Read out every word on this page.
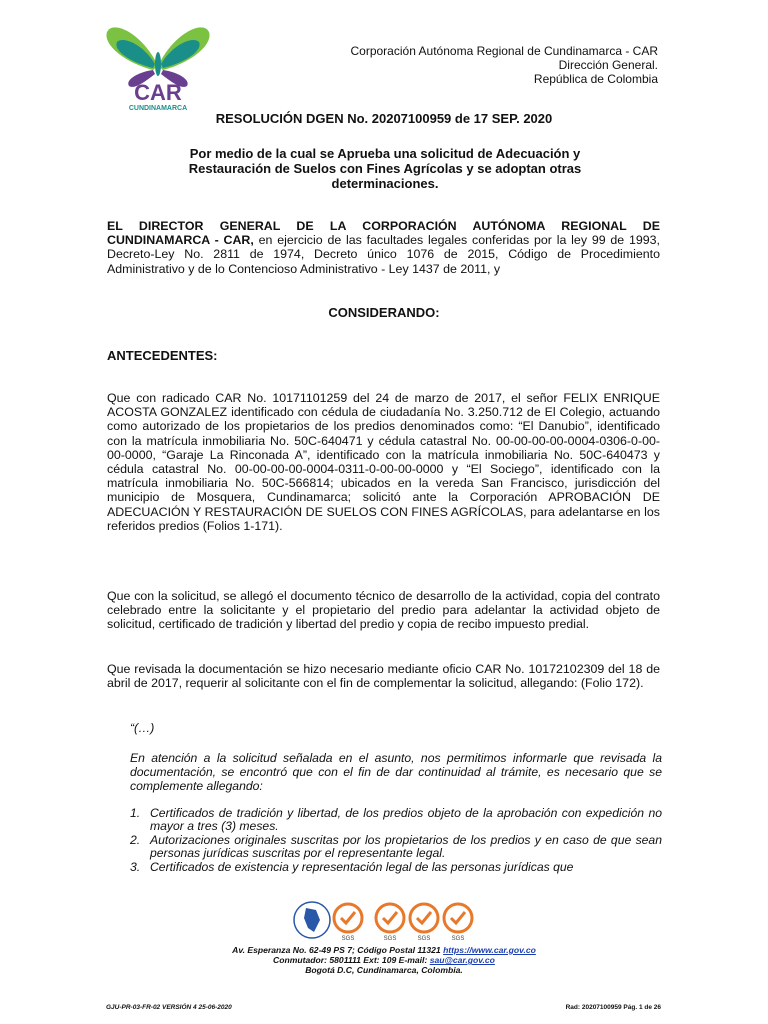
CAR
CUNDINAMARCA
Corporación Autónoma Regional de Cundinamarca - CAR
Dirección General.
República de Colombia
RESOLUCIÓN DGEN No. 20207100959 de 17 SEP. 2020
Por medio de la cual se Aprueba una solicitud de Adecuación y Restauración de Suelos con Fines Agrícolas y se adoptan otras determinaciones.
EL DIRECTOR GENERAL DE LA CORPORACIÓN AUTÓNOMA REGIONAL DE CUNDINAMARCA - CAR, en ejercicio de las facultades legales conferidas por la ley 99 de 1993, Decreto-Ley No. 2811 de 1974, Decreto único 1076 de 2015, Código de Procedimiento Administrativo y de lo Contencioso Administrativo - Ley 1437 de 2011, y
CONSIDERANDO:
ANTECEDENTES:
Que con radicado CAR No. 10171101259 del 24 de marzo de 2017, el señor FELIX ENRIQUE ACOSTA GONZALEZ identificado con cédula de ciudadanía No. 3.250.712 de El Colegio, actuando como autorizado de los propietarios de los predios denominados como: “El Danubio”, identificado con la matrícula inmobiliaria No. 50C-640471 y cédula catastral No. 00-00-00-00-0004-0306-0-00-00-0000, “Garaje La Rinconada A”, identificado con la matrícula inmobiliaria No. 50C-640473 y cédula catastral No. 00-00-00-00-0004-0311-0-00-00-0000 y “El Sociego”, identificado con la matrícula inmobiliaria No. 50C-566814; ubicados en la vereda San Francisco, jurisdicción del municipio de Mosquera, Cundinamarca; solicitó ante la Corporación APROBACIÓN DE ADECUACIÓN Y RESTAURACIÓN DE SUELOS CON FINES AGRÍCOLAS, para adelantarse en los referidos predios (Folios 1-171).
Que con la solicitud, se allegó el documento técnico de desarrollo de la actividad, copia del contrato celebrado entre la solicitante y el propietario del predio para adelantar la actividad objeto de solicitud, certificado de tradición y libertad del predio y copia de recibo impuesto predial.
Que revisada la documentación se hizo necesario mediante oficio CAR No. 10172102309 del 18 de abril de 2017, requerir al solicitante con el fin de complementar la solicitud, allegando: (Folio 172).
“(…)
En atención a la solicitud señalada en el asunto, nos permitimos informarle que revisada la documentación, se encontró que con el fin de dar continuidad al trámite, es necesario que se complemente allegando:
1. Certificados de tradición y libertad, de los predios objeto de la aprobación con expedición no mayor a tres (3) meses.
2. Autorizaciones originales suscritas por los propietarios de los predios y en caso de que sean personas jurídicas suscritas por el representante legal.
3. Certificados de existencia y representación legal de las personas jurídicas que
SGS	SGS	SGS	SGS
Av. Esperanza No. 62-49 PS 7; Código Postal 11321 https://www.car.gov.co
Conmutador: 5801111 Ext: 109 E-mail: sau@car.gov.co
Bogotá D.C, Cundinamarca, Colombia.
GJU-PR-03-FR-02 VERSIÓN 4 25-06-2020	Rad: 20207100959 Pág. 1 de 26
